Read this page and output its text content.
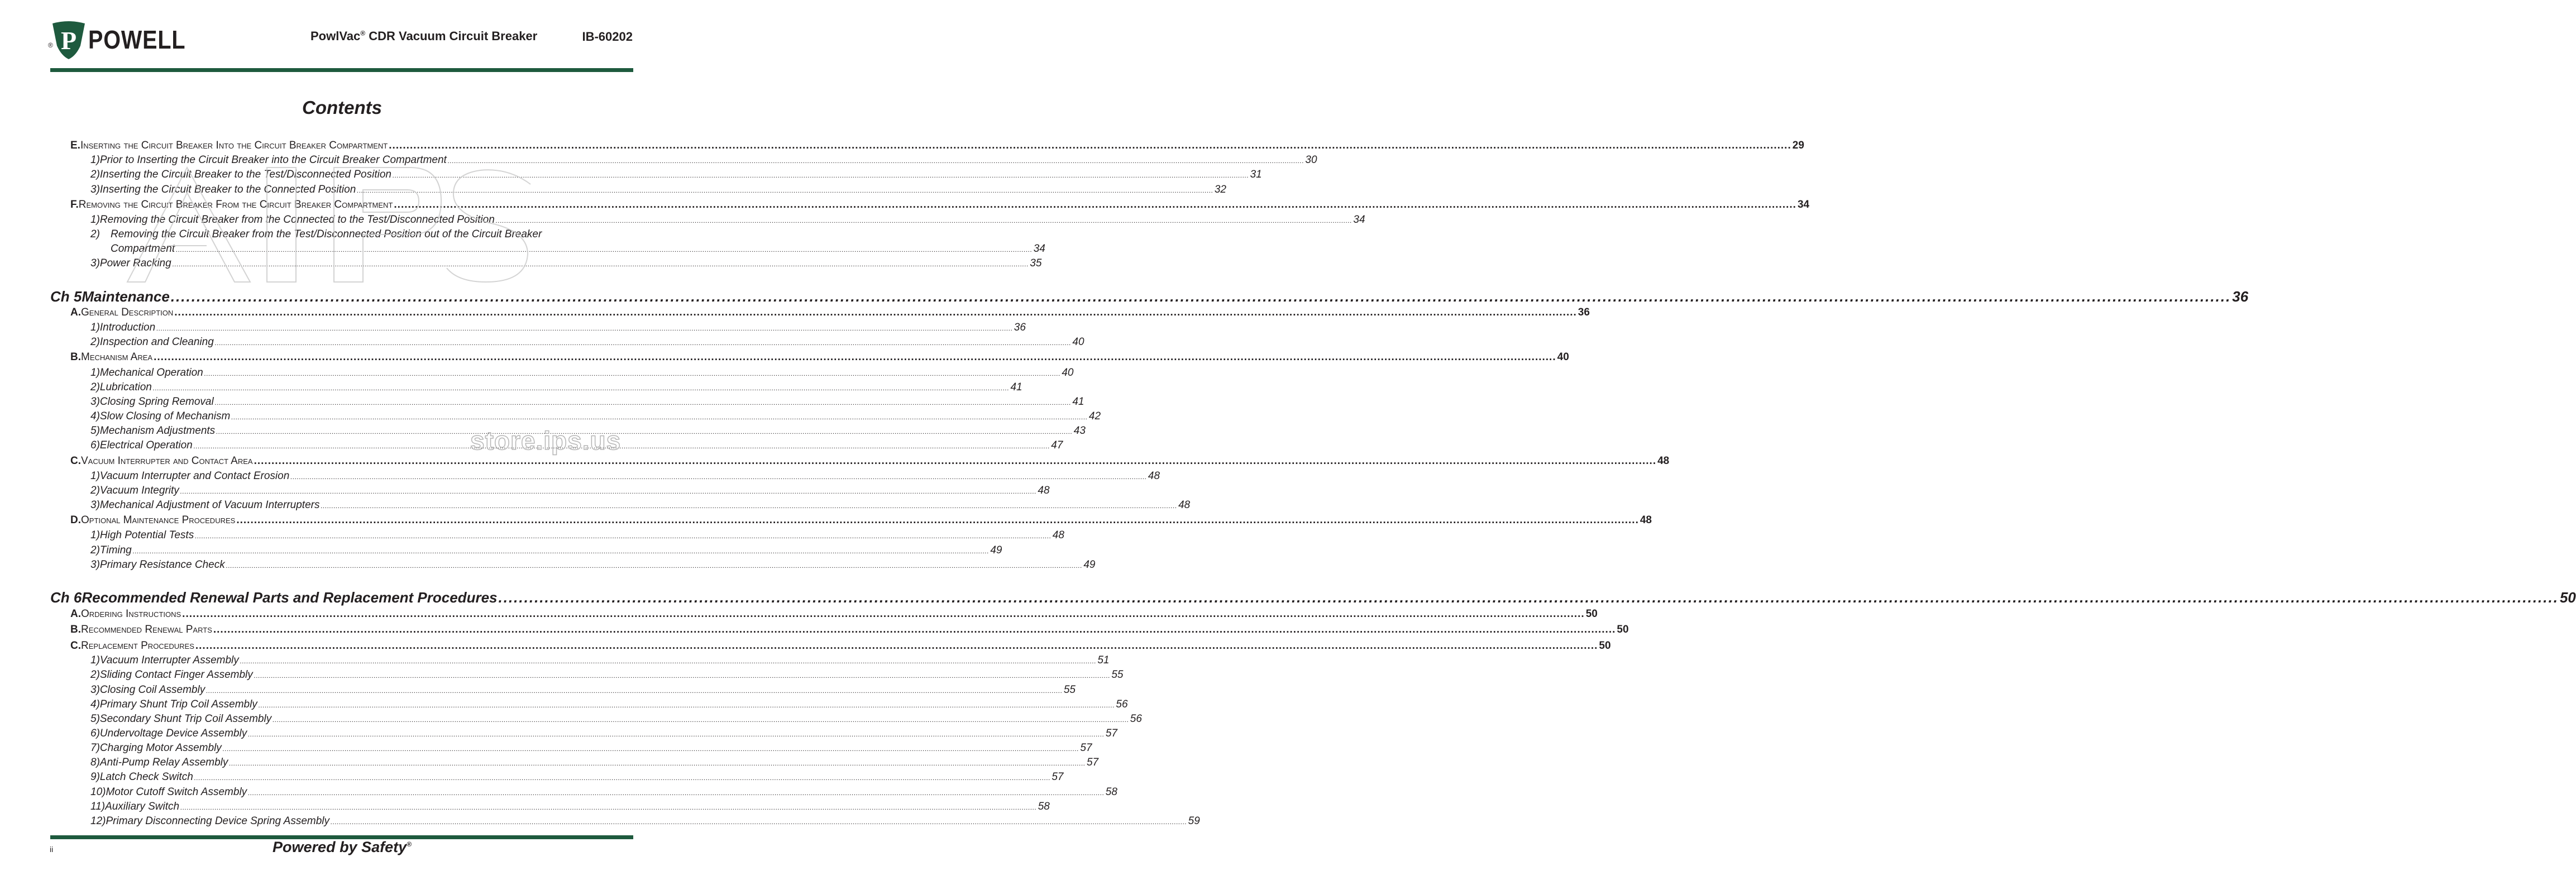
P
® POWELL	PowlVac® CDR Vacuum Circuit Breaker	IB-60202
Contents
E. Inserting the Circuit Breaker Into the Circuit Breaker Compartment ................................................................................................................................................................................................................................................................................................................................................................................................................ 29
1) Prior to Inserting the Circuit Breaker into the Circuit Breaker Compartment ................................................................................................................................................................................................................................................................................................................................................................................................................ 30
2) Inserting the Circuit Breaker to the Test/Disconnected Position ................................................................................................................................................................................................................................................................................................................................................................................................................ 31
3) Inserting the Circuit Breaker to the Connected Position ................................................................................................................................................................................................................................................................................................................................................................................................................ 32
F. Removing the Circuit Breaker From the Circuit Breaker Compartment ................................................................................................................................................................................................................................................................................................................................................................................................................ 34
1) Removing the Circuit Breaker from the Connected to the Test/Disconnected Position ................................................................................................................................................................................................................................................................................................................................................................................................................ 34
2)	Removing the Circuit Breaker from the Test/Disconnected Position out of the Circuit Breaker
Compartment ................................................................................................................................................................................................................................................................................................................................................................................................................ 34
3) Power Racking ................................................................................................................................................................................................................................................................................................................................................................................................................ 35
Ch 5 Maintenance ................................................................................................................................................................................................................................................................................................................................................................................................................ 36
A. General Description ................................................................................................................................................................................................................................................................................................................................................................................................................ 36
1) Introduction ................................................................................................................................................................................................................................................................................................................................................................................................................ 36
2) Inspection and Cleaning ................................................................................................................................................................................................................................................................................................................................................................................................................ 40
B. Mechanism Area ................................................................................................................................................................................................................................................................................................................................................................................................................ 40
1) Mechanical Operation ................................................................................................................................................................................................................................................................................................................................................................................................................ 40
2) Lubrication ................................................................................................................................................................................................................................................................................................................................................................................................................ 41
3) Closing Spring Removal ................................................................................................................................................................................................................................................................................................................................................................................................................ 41
4) Slow Closing of Mechanism ................................................................................................................................................................................................................................................................................................................................................................................................................ 42
5) Mechanism Adjustments ................................................................................................................................................................................................................................................................................................................................................................................................................ 43
6) Electrical Operation ................................................................................................................................................................................................................................................................................................................................................................................................................ 47
C. Vacuum Interrupter and Contact Area ................................................................................................................................................................................................................................................................................................................................................................................................................ 48
1) Vacuum Interrupter and Contact Erosion ................................................................................................................................................................................................................................................................................................................................................................................................................ 48
2) Vacuum Integrity ................................................................................................................................................................................................................................................................................................................................................................................................................ 48
3) Mechanical Adjustment of Vacuum Interrupters ................................................................................................................................................................................................................................................................................................................................................................................................................ 48
D. Optional Maintenance Procedures ................................................................................................................................................................................................................................................................................................................................................................................................................ 48
1) High Potential Tests ................................................................................................................................................................................................................................................................................................................................................................................................................ 48
2) Timing ................................................................................................................................................................................................................................................................................................................................................................................................................ 49
3) Primary Resistance Check ................................................................................................................................................................................................................................................................................................................................................................................................................ 49
Ch 6 Recommended Renewal Parts and Replacement Procedures ................................................................................................................................................................................................................................................................................................................................................................................................................ 50
A. Ordering Instructions ................................................................................................................................................................................................................................................................................................................................................................................................................ 50
B. Recommended Renewal Parts ................................................................................................................................................................................................................................................................................................................................................................................................................ 50
C. Replacement Procedures ................................................................................................................................................................................................................................................................................................................................................................................................................ 50
1) Vacuum Interrupter Assembly ................................................................................................................................................................................................................................................................................................................................................................................................................ 51
2) Sliding Contact Finger Assembly ................................................................................................................................................................................................................................................................................................................................................................................................................ 55
3) Closing Coil Assembly ................................................................................................................................................................................................................................................................................................................................................................................................................ 55
4) Primary Shunt Trip Coil Assembly ................................................................................................................................................................................................................................................................................................................................................................................................................ 56
5) Secondary Shunt Trip Coil Assembly ................................................................................................................................................................................................................................................................................................................................................................................................................ 56
6) Undervoltage Device Assembly ................................................................................................................................................................................................................................................................................................................................................................................................................ 57
7) Charging Motor Assembly ................................................................................................................................................................................................................................................................................................................................................................................................................ 57
8) Anti-Pump Relay Assembly ................................................................................................................................................................................................................................................................................................................................................................................................................ 57
9) Latch Check Switch ................................................................................................................................................................................................................................................................................................................................................................................................................ 57
10) Motor Cutoff Switch Assembly ................................................................................................................................................................................................................................................................................................................................................................................................................ 58
11) Auxiliary Switch ................................................................................................................................................................................................................................................................................................................................................................................................................ 58
12) Primary Disconnecting Device Spring Assembly ................................................................................................................................................................................................................................................................................................................................................................................................................ 59
store.ips.us
ii	Powered by Safety®
